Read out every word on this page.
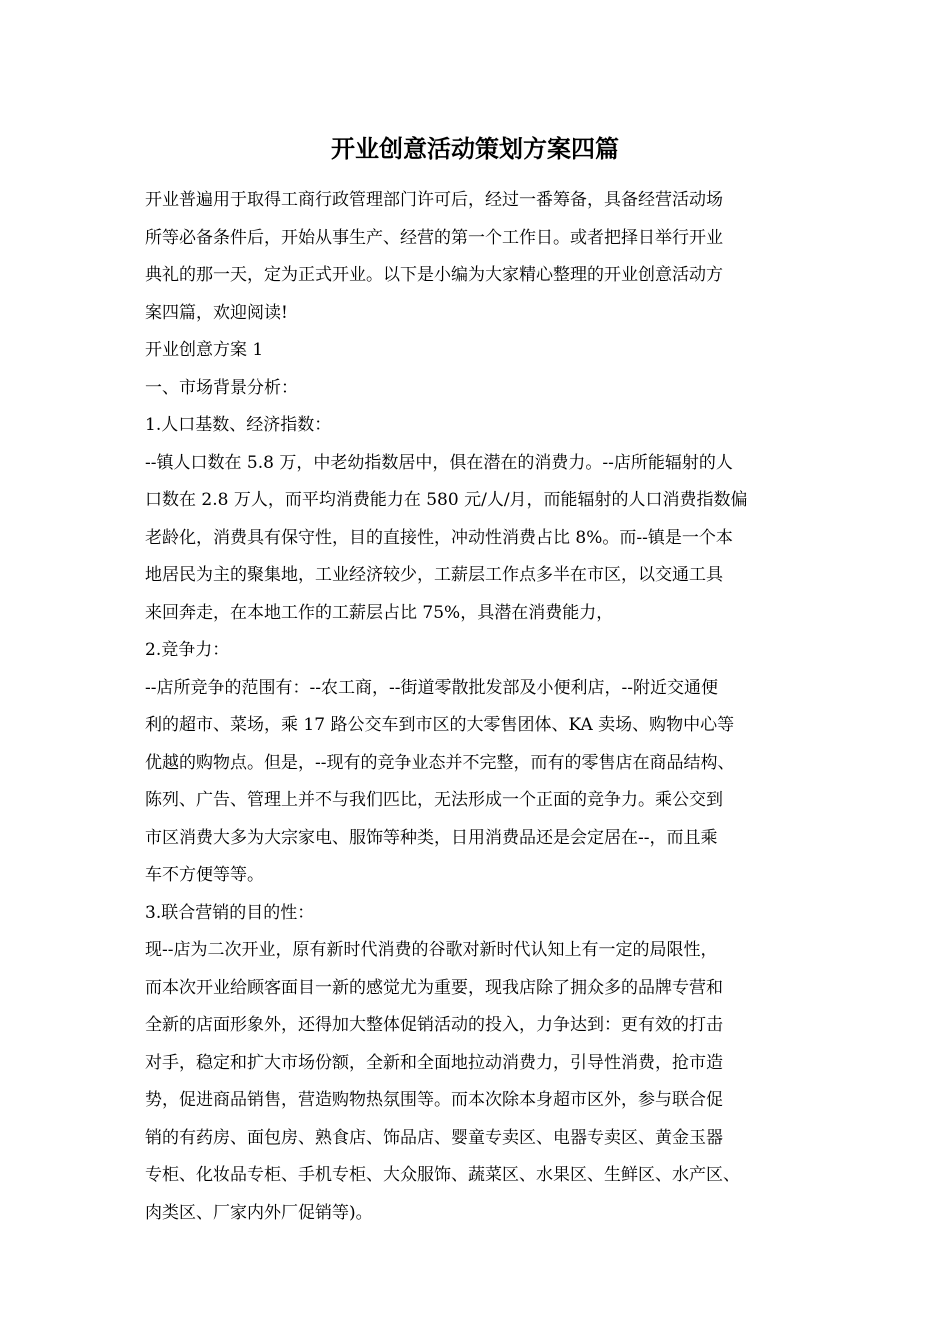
开业创意活动策划方案四篇
开业普遍用于取得工商行政管理部门许可后，经过一番筹备，具备经营活动场
所等必备条件后，开始从事生产、经营的第一个工作日。或者把择日举行开业
典礼的那一天，定为正式开业。以下是小编为大家精心整理的开业创意活动方
案四篇，欢迎阅读!
开业创意方案 1
一、市场背景分析：
1.人口基数、经济指数：
--镇人口数在 5.8 万，中老幼指数居中，俱在潜在的消费力。--店所能辐射的人
口数在 2.8 万人，而平均消费能力在 580 元/人/月，而能辐射的人口消费指数偏
老龄化，消费具有保守性，目的直接性，冲动性消费占比 8%。而--镇是一个本
地居民为主的聚集地，工业经济较少，工薪层工作点多半在市区，以交通工具
来回奔走，在本地工作的工薪层占比 75%，具潜在消费能力，
2.竞争力：
--店所竞争的范围有：--农工商，--街道零散批发部及小便利店，--附近交通便
利的超市、菜场，乘 17 路公交车到市区的大零售团体、KA 卖场、购物中心等
优越的购物点。但是，--现有的竞争业态并不完整，而有的零售店在商品结构、
陈列、广告、管理上并不与我们匹比，无法形成一个正面的竞争力。乘公交到
市区消费大多为大宗家电、服饰等种类，日用消费品还是会定居在--，而且乘
车不方便等等。
3.联合营销的目的性：
现--店为二次开业，原有新时代消费的谷歌对新时代认知上有一定的局限性，
而本次开业给顾客面目一新的感觉尤为重要，现我店除了拥众多的品牌专营和
全新的店面形象外，还得加大整体促销活动的投入，力争达到：更有效的打击
对手，稳定和扩大市场份额，全新和全面地拉动消费力，引导性消费，抢市造
势，促进商品销售，营造购物热氛围等。而本次除本身超市区外，参与联合促
销的有药房、面包房、熟食店、饰品店、婴童专卖区、电器专卖区、黄金玉器
专柜、化妆品专柜、手机专柜、大众服饰、蔬菜区、水果区、生鲜区、水产区、
肉类区、厂家内外厂促销等)。
